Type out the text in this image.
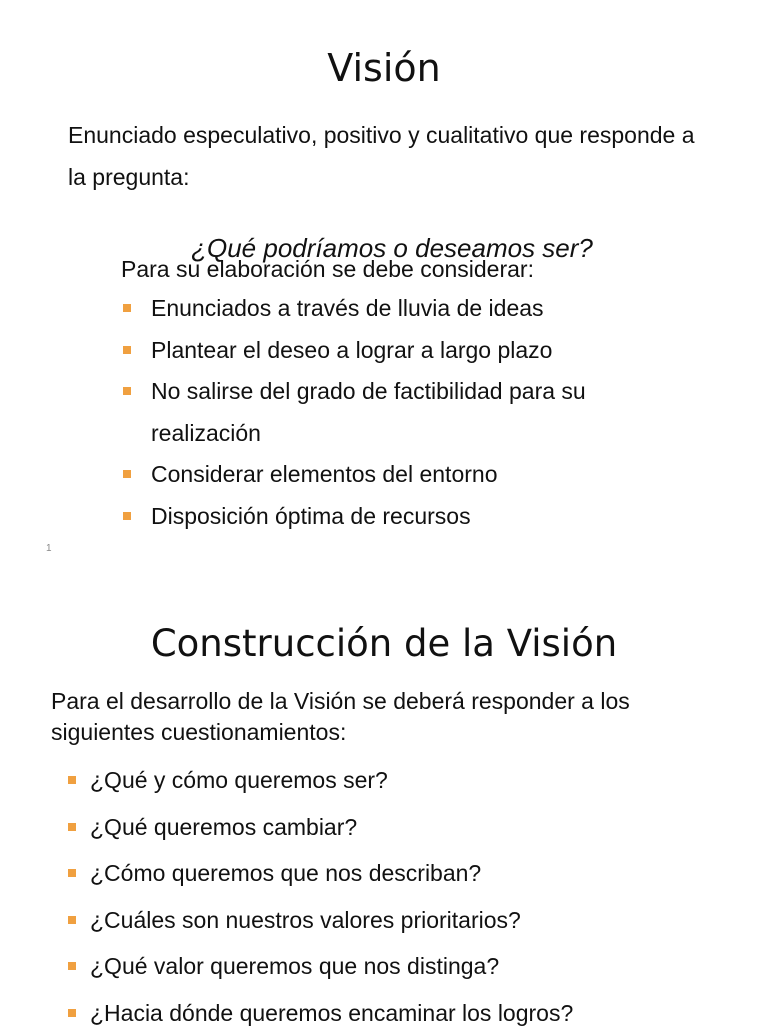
Visión

Enunciado especulativo, positivo y cualitativo que responde a la pregunta:

¿Qué podríamos o deseamos ser?

Para su elaboración se debe considerar:

Enunciados a través de lluvia de ideas
Plantear el deseo a lograr a largo plazo
No salirse del grado de factibilidad para su realización
Considerar elementos del entorno
Disposición óptima de recursos
1
Construcción de la Visión

Para el desarrollo de la Visión se deberá responder a los siguientes cuestionamientos:

¿Qué y cómo queremos ser?
¿Qué queremos cambiar?
¿Cómo queremos que nos describan?
¿Cuáles son nuestros valores prioritarios?
¿Qué valor queremos que nos distinga?
¿Hacia dónde queremos encaminar los logros?
